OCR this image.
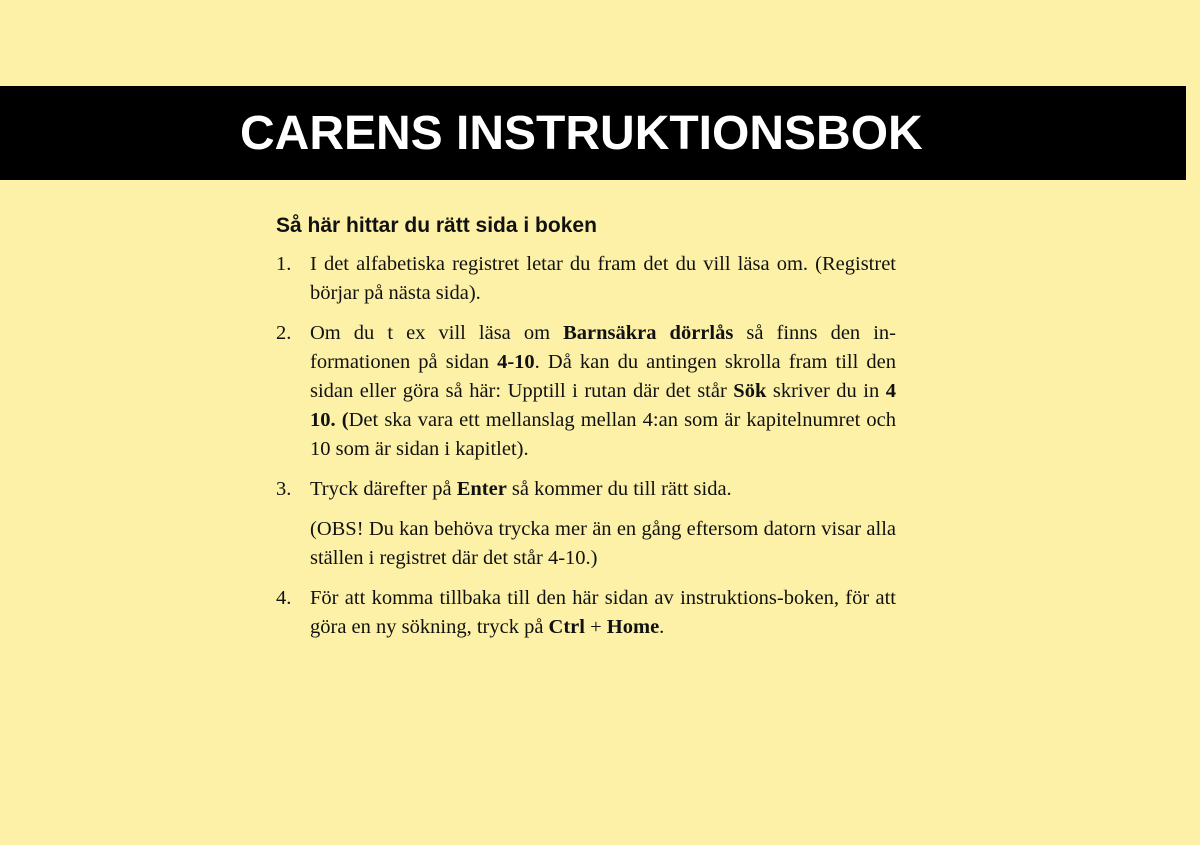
CARENS INSTRUKTIONSBOK
Så här hittar du rätt sida i boken
1. I det alfabetiska registret letar du fram det du vill läsa om. (Registret börjar på nästa sida).

2. Om du t ex vill läsa om Barnsäkra dörrlås så finns den in-formationen på sidan 4-10. Då kan du antingen skrolla fram till den sidan eller göra så här: Upptill i rutan där det står Sök skriver du in 4 10. (Det ska vara ett mellanslag mellan 4:an som är kapitelnumret och 10 som är sidan i kapitlet).

3. Tryck därefter på Enter så kommer du till rätt sida.

(OBS! Du kan behöva trycka mer än en gång eftersom datorn visar alla ställen i registret där det står 4-10.)

4. För att komma tillbaka till den här sidan av instruktions-boken, för att göra en ny sökning, tryck på Ctrl + Home.
